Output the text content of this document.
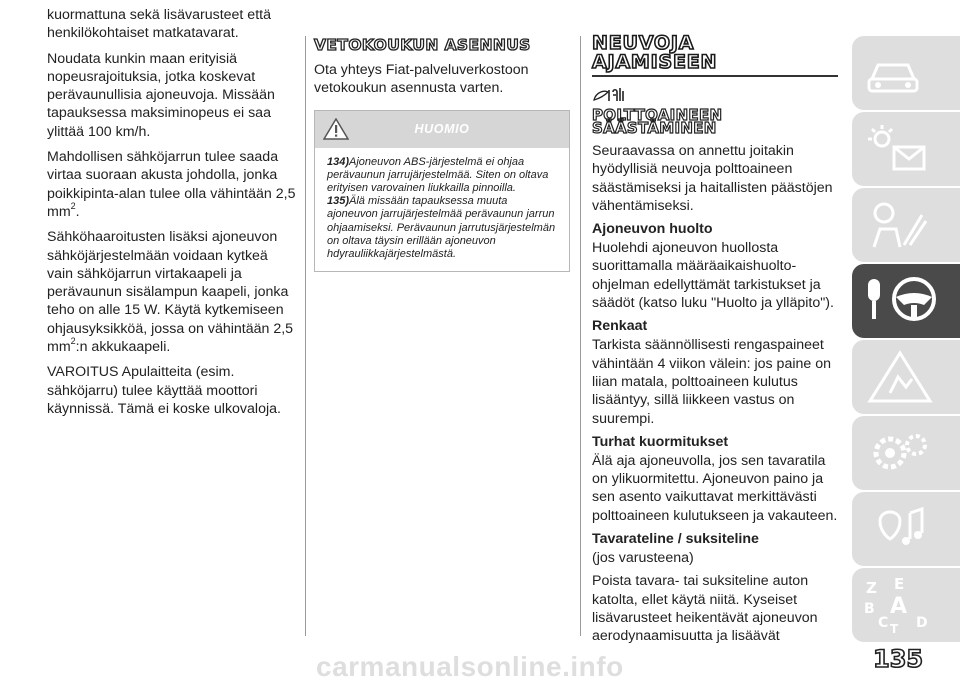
kuormattuna sekä lisävarusteet että henkilökohtaiset matkatavarat.

Noudata kunkin maan erityisiä nopeusrajoituksia, jotka koskevat perävaunullisia ajoneuvoja. Missään tapauksessa maksiminopeus ei saa ylittää 100 km/h.

Mahdollisen sähköjarrun tulee saada virtaa suoraan akusta johdolla, jonka poikkipinta-alan tulee olla vähintään 2,5 $mm^2$.

Sähköhaaroitusten lisäksi ajoneuvon sähköjärjestelmään voidaan kytkeä vain sähköjarrun virtakaapeli ja perävaunun sisälampun kaapeli, jonka teho on alle 15 W. Käytä kytkemiseen ohjausyksikköä, jossa on vähintään 2,5 $mm^2:n$ akkukaapeli.

VAROITUS Apulaitteita (esim. sähköjarru) tulee käyttää moottori käynnissä. Tämä ei koske ulkovaloja.

VETOKOUKUN ASENNUS

Ota yhteys Fiat-palveluverkostoon vetokoukun asennusta varten.

HUOMIO
134)Ajoneuvon ABS-järjestelmä ei ohjaa perävaunun jarrujärjestelmää. Siten on oltava erityisen varovainen liukkailla pinnoilla.
135)Älä missään tapauksessa muuta ajoneuvon jarrujärjestelmää perävaunun jarrun ohjaamiseksi. Perävaunun jarrutusjärjestelmän on oltava täysin erillään ajoneuvon hdyrauliikkajärjestelmästä.
NEUVOJA
AJAMISEEN
POLTTOAINEEN
SÄÄSTÄMINEN

Seuraavassa on annettu joitakin hyödyllisiä neuvoja polttoaineen säästämiseksi ja haitallisten päästöjen vähentämiseksi.

Ajoneuvon huolto

Huolehdi ajoneuvon huollosta suorittamalla määräaikaishuolto-ohjelman edellyttämät tarkistukset ja säädöt (katso luku "Huolto ja ylläpito").

Renkaat

Tarkista säännöllisesti rengaspaineet vähintään 4 viikon välein: jos paine on liian matala, polttoaineen kulutus lisääntyy, sillä liikkeen vastus on suurempi.

Turhat kuormitukset

Älä aja ajoneuvolla, jos sen tavaratila on ylikuormitettu. Ajoneuvon paino ja sen asento vaikuttavat merkittävästi polttoaineen kulutukseen ja vakauteen.

Tavarateline / suksiteline

(jos varusteena)

Poista tavara- tai suksiteline auton katolta, ellet käytä niitä. Kyseiset lisävarusteet heikentävät ajoneuvon aerodynaamisuutta ja lisäävät

Z E
A
B
C T D
135
carmanualsonline.info
